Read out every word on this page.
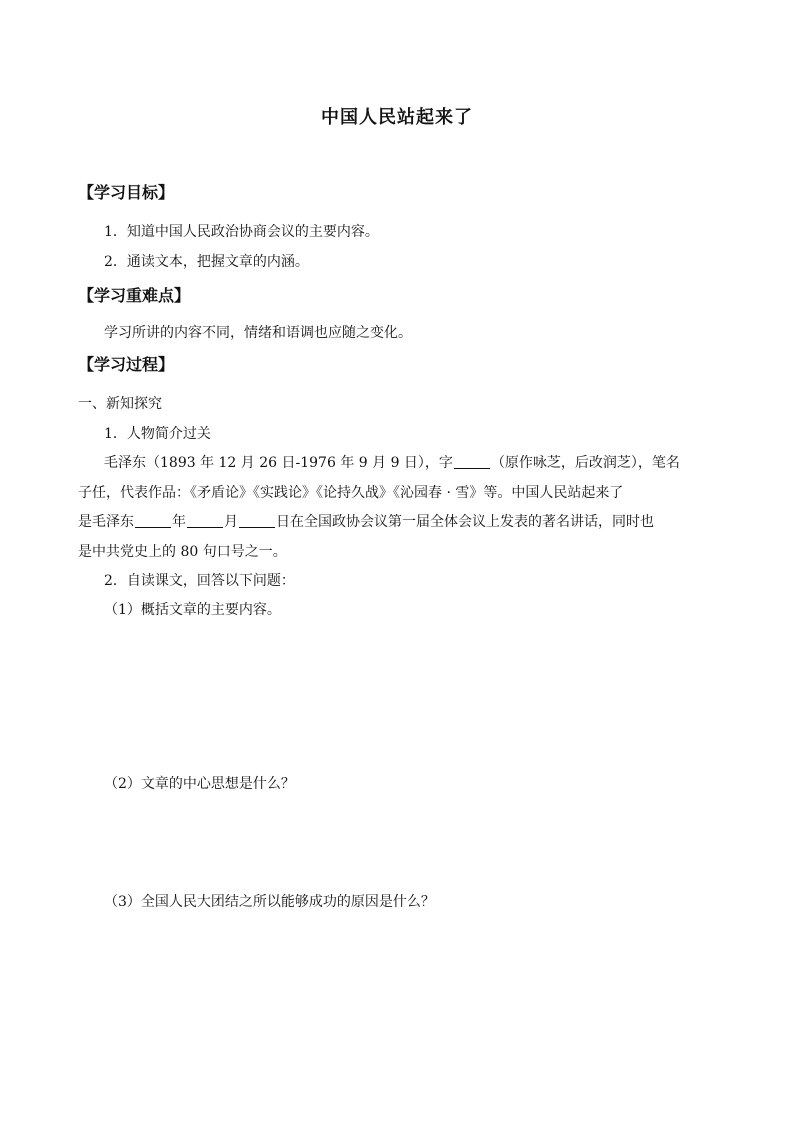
中国人民站起来了
【学习目标】
1．知道中国人民政治协商会议的主要内容。
2．通读文本，把握文章的内涵。
【学习重难点】
学习所讲的内容不同，情绪和语调也应随之变化。
【学习过程】
一、新知探究
1．人物简介过关
毛泽东（1893 年 12 月 26 日-1976 年 9 月 9 日），字	（原作咏芝，后改润芝），笔名
子任，代表作品：《矛盾论》《实践论》《论持久战》《沁园春 · 雪》等。中国人民站起来了
是毛泽东	年	月	日在全国政协会议第一届全体会议上发表的著名讲话，同时也
是中共党史上的 80 句口号之一。
2．自读课文，回答以下问题：
（1）概括文章的主要内容。
（2）文章的中心思想是什么？
（3）全国人民大团结之所以能够成功的原因是什么？
